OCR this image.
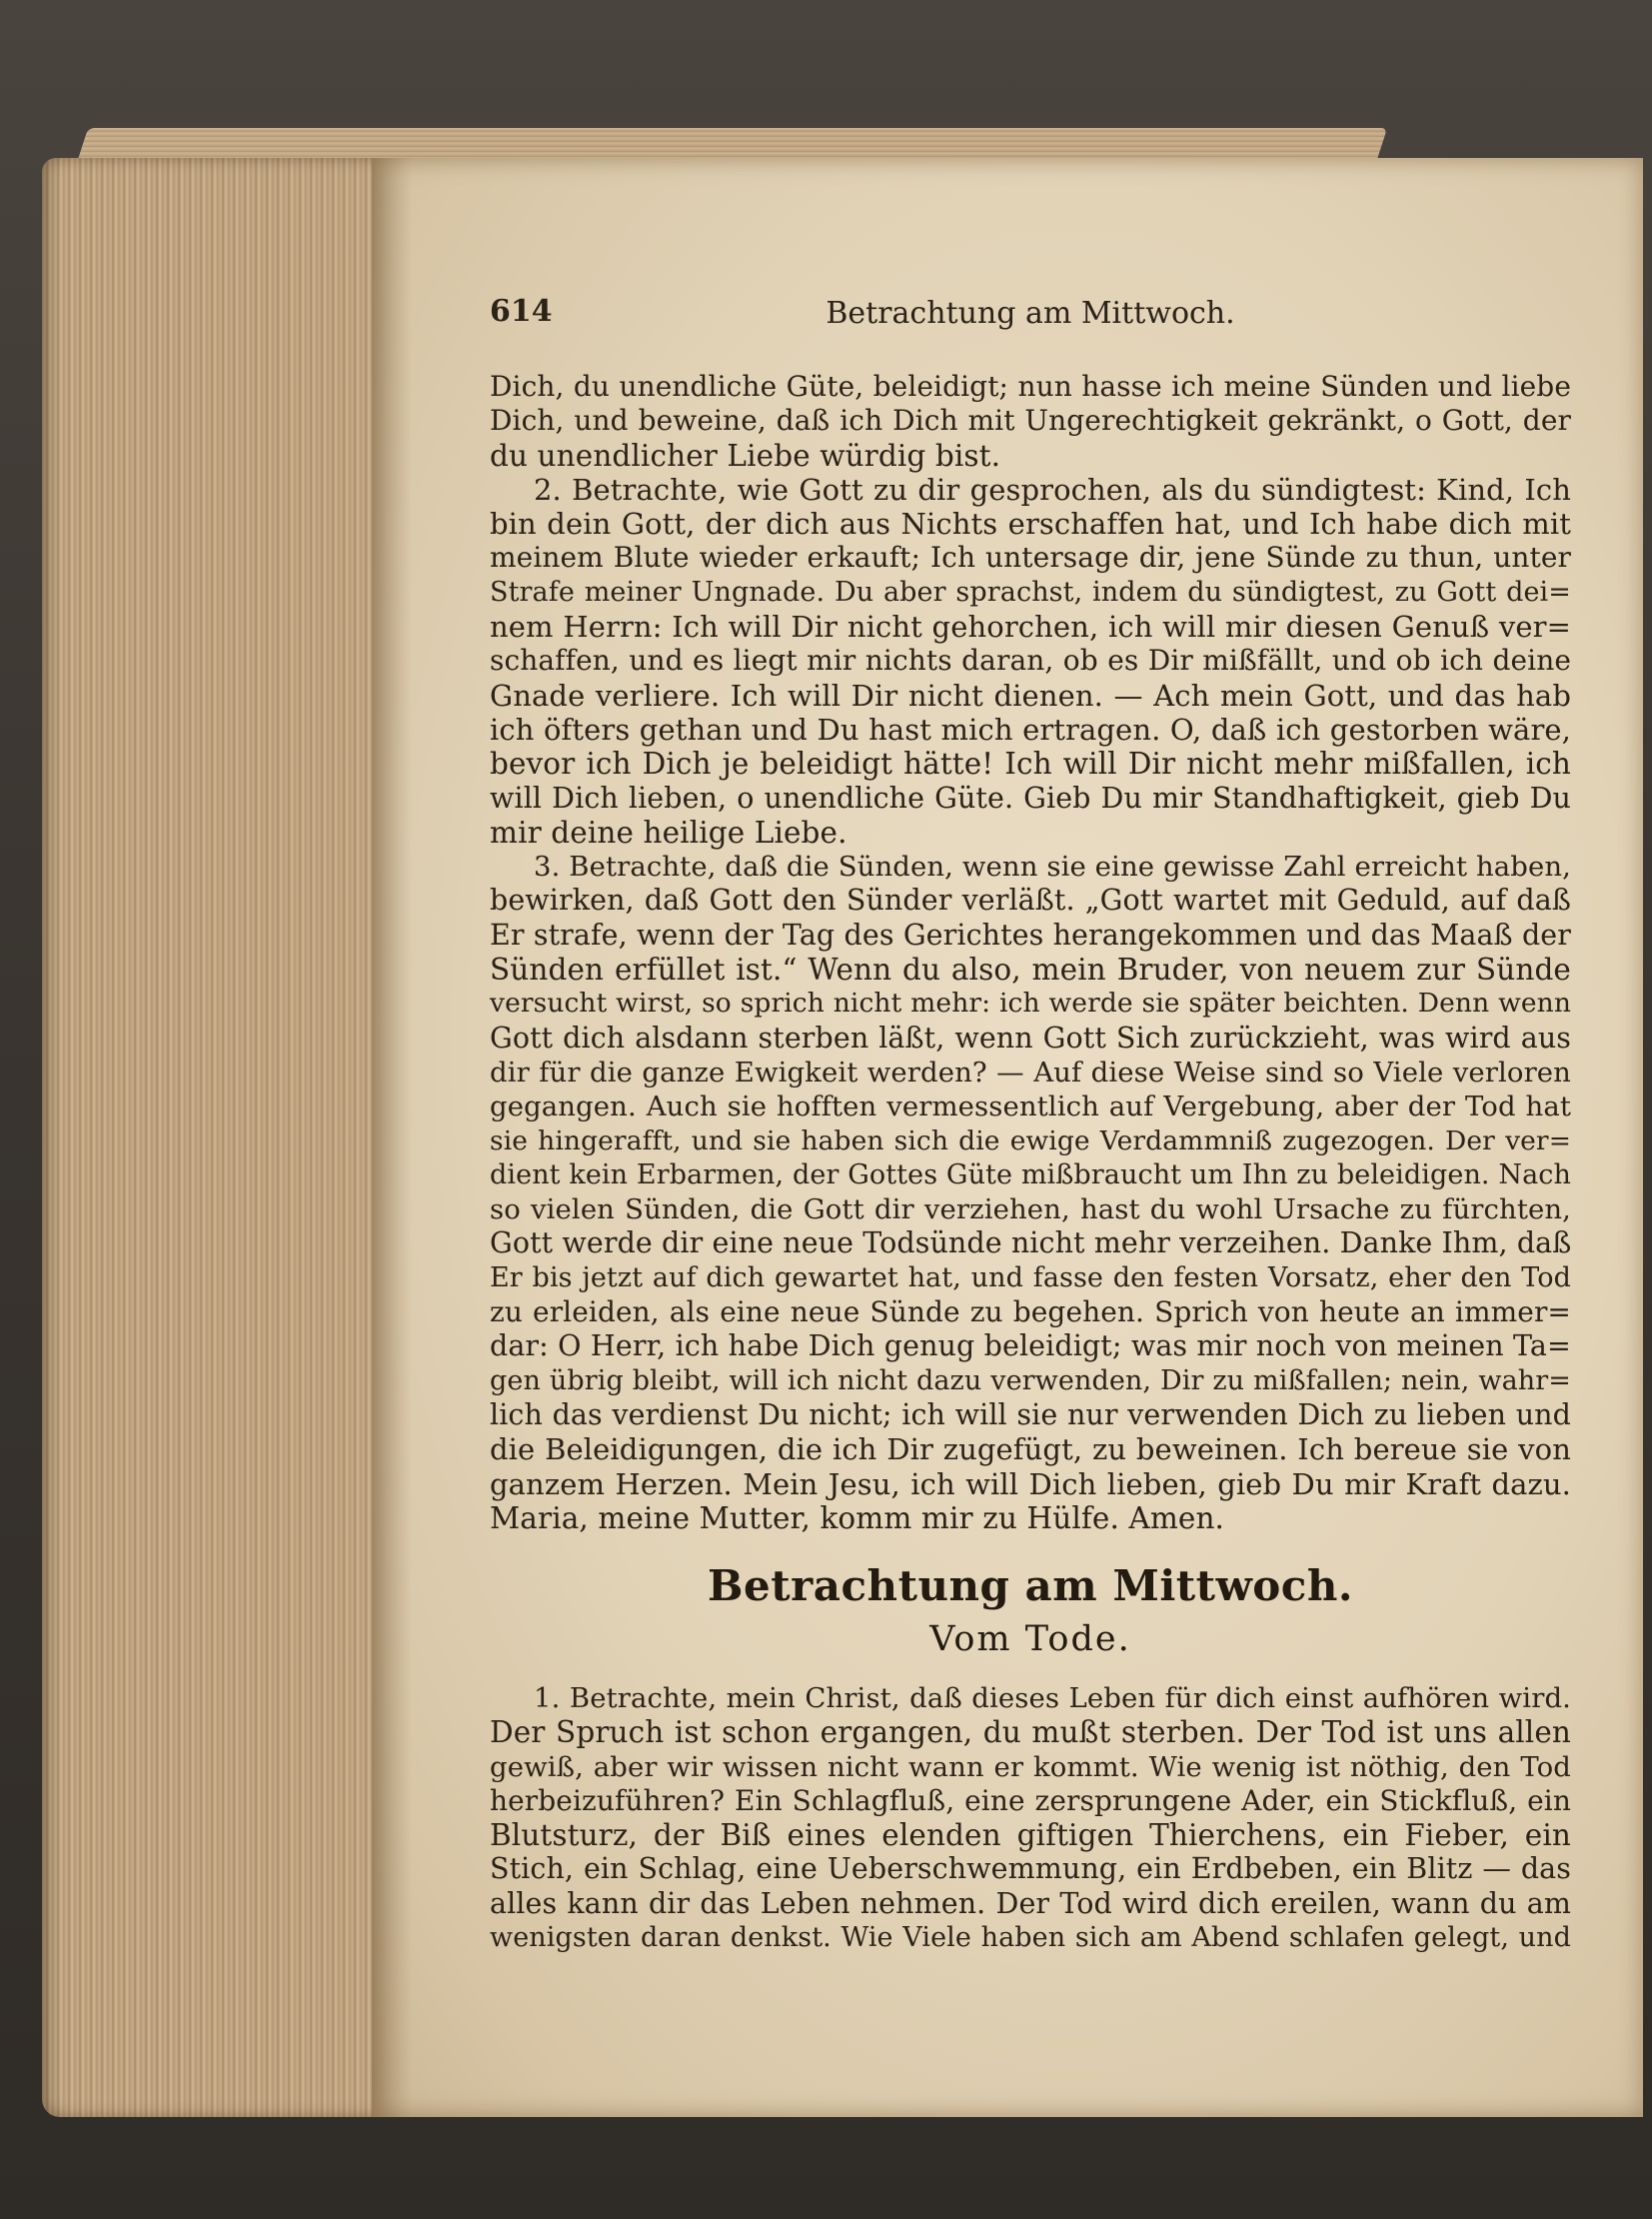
614	Betrachtung am Mittwoch.
Dich, du unendliche Güte, beleidigt; nun hasse ich meine Sünden und liebe
Dich, und beweine, daß ich Dich mit Ungerechtigkeit gekränkt, o Gott, der
du unendlicher Liebe würdig bist.
2. Betrachte, wie Gott zu dir gesprochen, als du sündigtest: Kind, Ich
bin dein Gott, der dich aus Nichts erschaffen hat, und Ich habe dich mit
meinem Blute wieder erkauft; Ich untersage dir, jene Sünde zu thun, unter
Strafe meiner Ungnade. Du aber sprachst, indem du sündigtest, zu Gott dei=
nem Herrn: Ich will Dir nicht gehorchen, ich will mir diesen Genuß ver=
schaffen, und es liegt mir nichts daran, ob es Dir mißfällt, und ob ich deine
Gnade verliere. Ich will Dir nicht dienen. — Ach mein Gott, und das hab
ich öfters gethan und Du hast mich ertragen. O, daß ich gestorben wäre,
bevor ich Dich je beleidigt hätte! Ich will Dir nicht mehr mißfallen, ich
will Dich lieben, o unendliche Güte. Gieb Du mir Standhaftigkeit, gieb Du
mir deine heilige Liebe.
3. Betrachte, daß die Sünden, wenn sie eine gewisse Zahl erreicht haben,
bewirken, daß Gott den Sünder verläßt. „Gott wartet mit Geduld, auf daß
Er strafe, wenn der Tag des Gerichtes herangekommen und das Maaß der
Sünden erfüllet ist.“ Wenn du also, mein Bruder, von neuem zur Sünde
versucht wirst, so sprich nicht mehr: ich werde sie später beichten. Denn wenn
Gott dich alsdann sterben läßt, wenn Gott Sich zurückzieht, was wird aus
dir für die ganze Ewigkeit werden? — Auf diese Weise sind so Viele verloren
gegangen. Auch sie hofften vermessentlich auf Vergebung, aber der Tod hat
sie hingerafft, und sie haben sich die ewige Verdammniß zugezogen. Der ver=
dient kein Erbarmen, der Gottes Güte mißbraucht um Ihn zu beleidigen. Nach
so vielen Sünden, die Gott dir verziehen, hast du wohl Ursache zu fürchten,
Gott werde dir eine neue Todsünde nicht mehr verzeihen. Danke Ihm, daß
Er bis jetzt auf dich gewartet hat, und fasse den festen Vorsatz, eher den Tod
zu erleiden, als eine neue Sünde zu begehen. Sprich von heute an immer=
dar: O Herr, ich habe Dich genug beleidigt; was mir noch von meinen Ta=
gen übrig bleibt, will ich nicht dazu verwenden, Dir zu mißfallen; nein, wahr=
lich das verdienst Du nicht; ich will sie nur verwenden Dich zu lieben und
die Beleidigungen, die ich Dir zugefügt, zu beweinen. Ich bereue sie von
ganzem Herzen. Mein Jesu, ich will Dich lieben, gieb Du mir Kraft dazu.
Maria, meine Mutter, komm mir zu Hülfe. Amen.
Betrachtung am Mittwoch.
Vom Tode.
1. Betrachte, mein Christ, daß dieses Leben für dich einst aufhören wird.
Der Spruch ist schon ergangen, du mußt sterben. Der Tod ist uns allen
gewiß, aber wir wissen nicht wann er kommt. Wie wenig ist nöthig, den Tod
herbeizuführen? Ein Schlagfluß, eine zersprungene Ader, ein Stickfluß, ein
Blutsturz, der Biß eines elenden giftigen Thierchens, ein Fieber, ein
Stich, ein Schlag, eine Ueberschwemmung, ein Erdbeben, ein Blitz — das
alles kann dir das Leben nehmen. Der Tod wird dich ereilen, wann du am
wenigsten daran denkst. Wie Viele haben sich am Abend schlafen gelegt, und
